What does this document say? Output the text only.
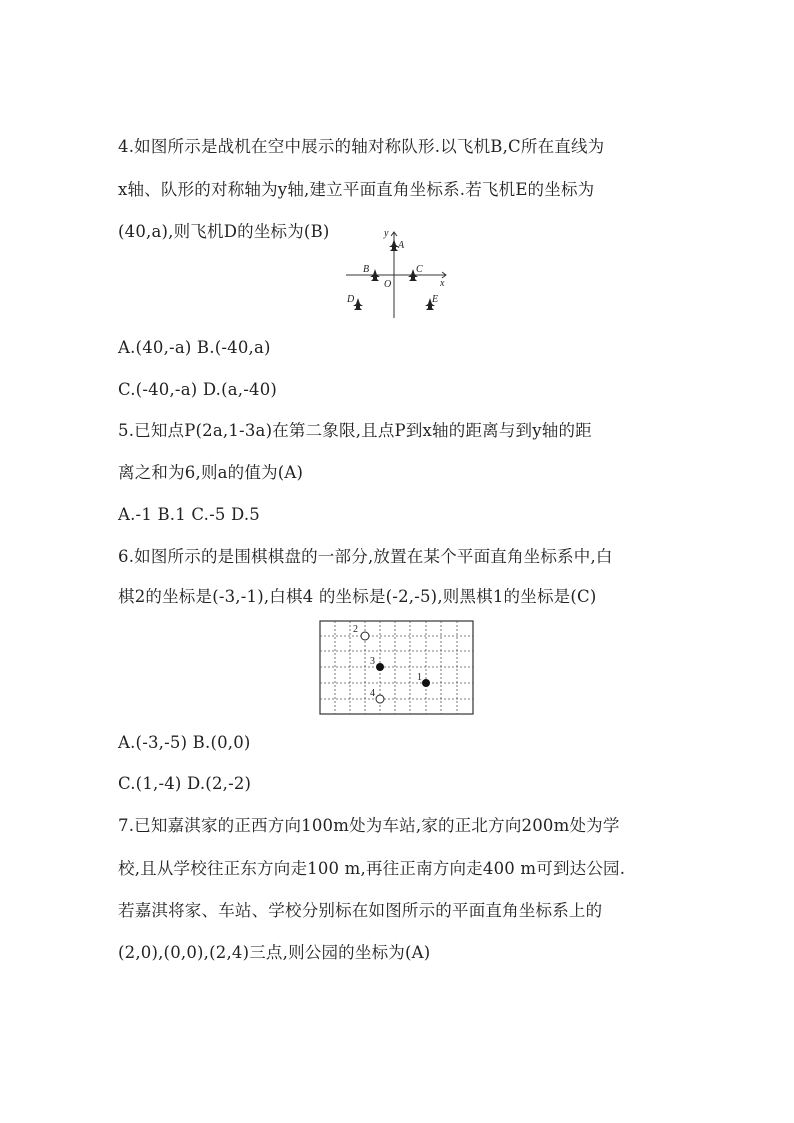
4.如图所示是战机在空中展示的轴对称队形.以飞机B,C所在直线为
x轴、队形的对称轴为y轴,建立平面直角坐标系.若飞机E的坐标为
(40,a),则飞机D的坐标为(B)	y
x
O
A
B	C
D	E
A.(40,-a) B.(-40,a)
C.(-40,-a) D.(a,-40)
5.已知点P(2a,1-3a)在第二象限,且点P到x轴的距离与到y轴的距
离之和为6,则a的值为(A)
A.-1 B.1 C.-5 D.5
6.如图所示的是围棋棋盘的一部分,放置在某个平面直角坐标系中,白
棋2的坐标是(-3,-1),白棋4 的坐标是(-2,-5),则黑棋1的坐标是(C)
2
3
1
4
A.(-3,-5) B.(0,0)
C.(1,-4) D.(2,-2)
7.已知嘉淇家的正西方向100m处为车站,家的正北方向200m处为学
校,且从学校往正东方向走100 m,再往正南方向走400 m可到达公园.
若嘉淇将家、车站、学校分别标在如图所示的平面直角坐标系上的
(2,0),(0,0),(2,4)三点,则公园的坐标为(A)
